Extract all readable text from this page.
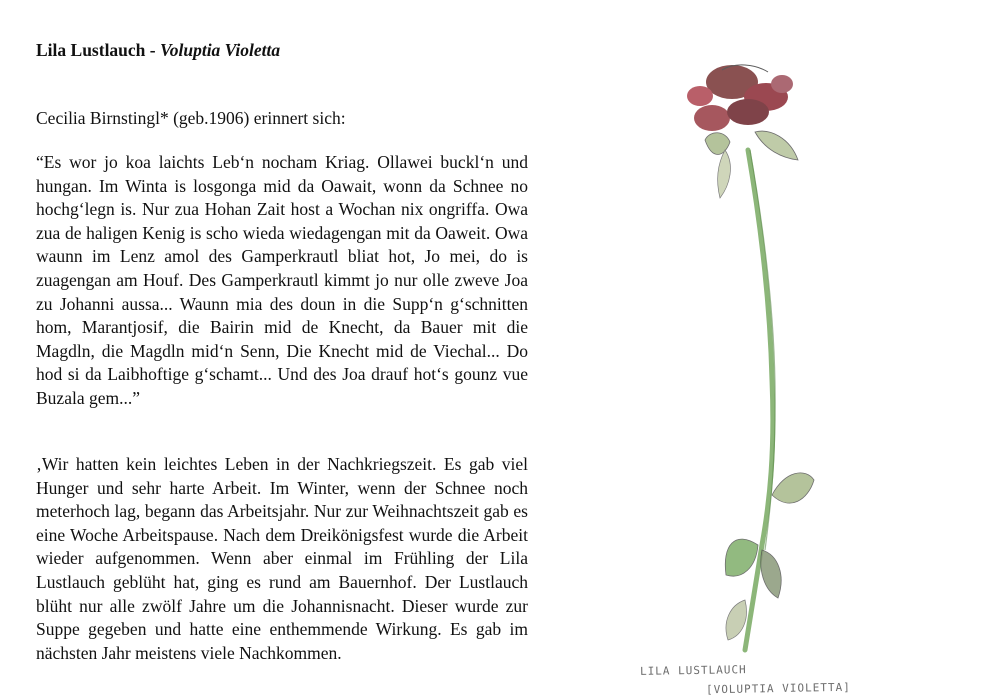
Lila Lustlauch - Voluptia Violetta

Cecilia Birnstingl* (geb.1906) erinnert sich:

“Es wor jo koa laichts Leb‘n nocham Kriag. Ollawei buckl‘n und hungan. Im Winta is losgonga mid da Oawait, wonn da Schnee no hochg‘legn is. Nur zua Hohan Zait host a Wochan nix ongriffa. Owa zua de haligen Kenig is scho wieda wiedagengan mit da Oaweit. Owa waunn im Lenz amol des Gamperkrautl bliat hot, Jo mei, do is zuagengan am Houf. Des Gamperkrautl kimmt jo nur olle zweve Joa zu Johanni aussa... Waunn mia des doun in die Supp‘n g‘schnitten hom, Marantjosif, die Bairin mid de Knecht, da Bauer mit die Magdln, die Magdln mid‘n Senn, Die Knecht mid de Viechal... Do hod si da Laibhoftige g‘schamt... Und des Joa drauf hot‘s gounz vue Buzala gem...”

‚Wir hatten kein leichtes Leben in der Nachkriegszeit. Es gab viel Hunger und sehr harte Arbeit. Im Winter, wenn der Schnee noch meterhoch lag, begann das Arbeitsjahr. Nur zur Weihnachtszeit gab es eine Woche Arbeitspause. Nach dem Dreikönigsfest wurde die Arbeit wieder aufgenommen. Wenn aber einmal im Frühling der Lila Lustlauch geblüht hat, ging es rund am Bauernhof. Der Lustlauch blüht nur alle zwölf Jahre um die Johannisnacht. Dieser wurde zur Suppe gegeben und hatte eine enthemmende Wirkung. Es gab im nächsten Jahr meistens viele Nachkommen.

LILA LUSTLAUCH

[VOLUPTIA VIOLETTA]
